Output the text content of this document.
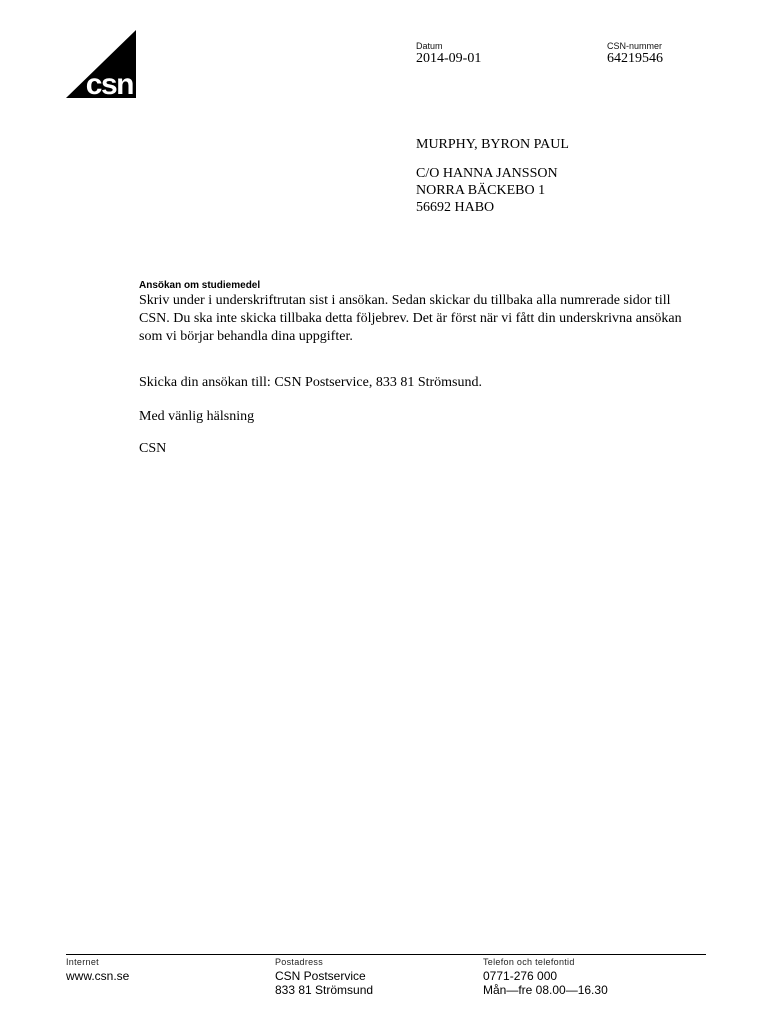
csn
Datum
2014-09-01
CSN-nummer
64219546
MURPHY, BYRON PAUL
C/O HANNA JANSSON
NORRA BÄCKEBO 1
56692 HABO
Ansökan om studiemedel
Skriv under i underskriftrutan sist i ansökan. Sedan skickar du tillbaka alla numrerade sidor till
CSN. Du ska inte skicka tillbaka detta följebrev. Det är först när vi fått din underskrivna ansökan
som vi börjar behandla dina uppgifter.
Skicka din ansökan till: CSN Postservice, 833 81 Strömsund.
Med vänlig hälsning
CSN
Internet
www.csn.se
Postadress
CSN Postservice
833 81 Strömsund
Telefon och telefontid
0771-276 000
Mån—fre 08.00—16.30
